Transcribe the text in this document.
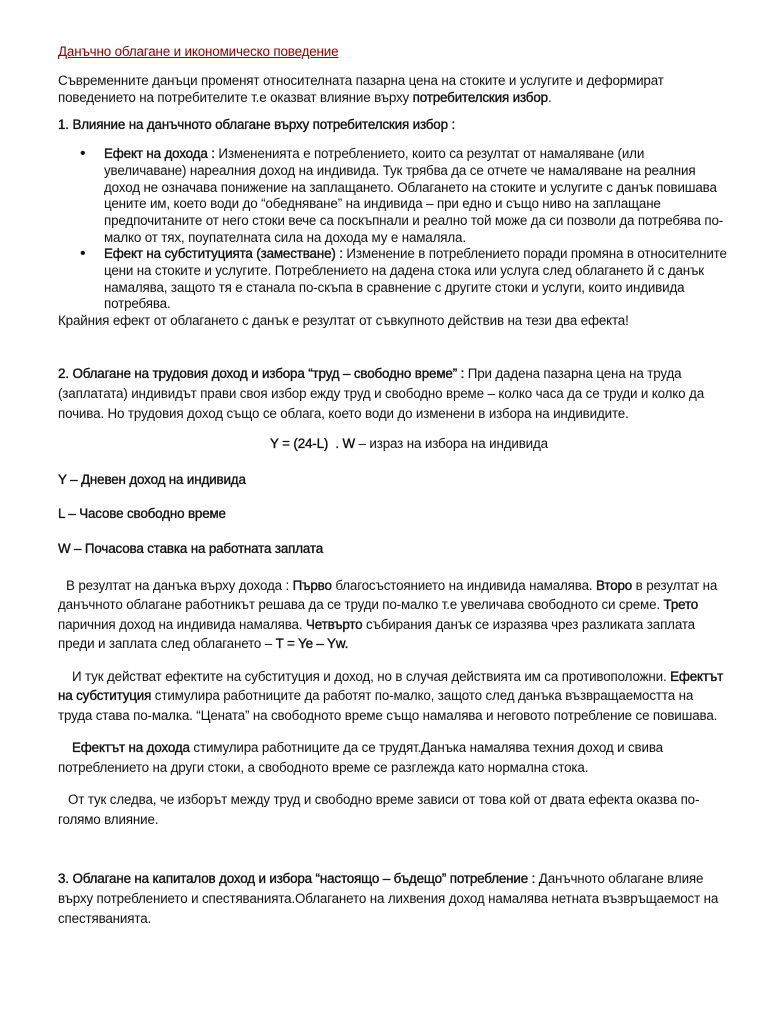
Данъчно облагане и икономическо поведение

Съвременните данъци променят относителната пазарна цена на стоките и услугите и деформират поведението на потребителите т.е оказват влияние върху потребителския избор.

1. Влияние на данъчното облагане върху потребителския избор :

• Ефект на дохода : Измененията е потреблението, които са резултат от намаляване (или увеличаване) нареалния доход на индивида. Тук трябва да се отчете че намаляване на реалния доход не означава понижение на заплащането. Облагането на стоките и услугите с данък повишава цените им, което води до “обедняване” на индивида – при едно и също ниво на заплащане предпочитаните от него стоки вече са поскъпнали и реално той може да си позволи да потребява по-малко от тях, поупателната сила на дохода му е намаляла.
• Ефект на субституцията (заместване) : Изменение в потреблението поради промяна в относителните цени на стоките и услугите. Потреблението на дадена стока или услуга след облагането й с данък намалява, защото тя е станала по-скъпа в сравнение с другите стоки и услуги, които индивида потребява.

Крайния ефект от облагането с данък е резултат от съвкупното действив на тези два ефекта!

2. Облагане на трудовия доход и избора “труд – свободно време” : При дадена пазарна цена на труда (заплатата) индивидът прави своя избор ежду труд и свободно време – колко часа да се труди и колко да почива. Но трудовия доход също се облага, което води до изменени в избора на индивидите.

Y = (24-L)  . W – израз на избора на индивида

Y – Дневен доход на индивида

L – Часове свободно време

W – Почасова ставка на работната заплата

В резултат на данъка върху дохода : Първо благосъстоянието на индивида намалява. Второ в резултат на данъчното облагане работникът решава да се труди по-малко т.е увеличава свободното си среме. Трето паричния доход на индивида намалява. Четвърто събирания данък се изразява чрез разликата заплата преди и заплата след облагането – T = Ye – Yw.

И тук действат ефектите на субституция и доход, но в случая действията им са противоположни. Ефектът на субституция стимулира работниците да работят по-малко, защото след данъка възвращаемостта на труда става по-малка. “Цената” на свободното време също намалява и неговото потребление се повишава.

Ефектът на дохода стимулира работниците да се трудят.Данъка намалява техния доход и свива потреблението на други стоки, а свободното време се разглежда като нормална стока.

От тук следва, че изборът между труд и свободно време зависи от това кой от двата ефекта оказва по-голямо влияние.

3. Облагане на капиталов доход и избора “настоящо – бъдещо” потребление : Данъчното облагане влияе върху потреблението и спестяванията.Облагането на лихвения доход намалява нетната възвръщаемост на спестяванията.
